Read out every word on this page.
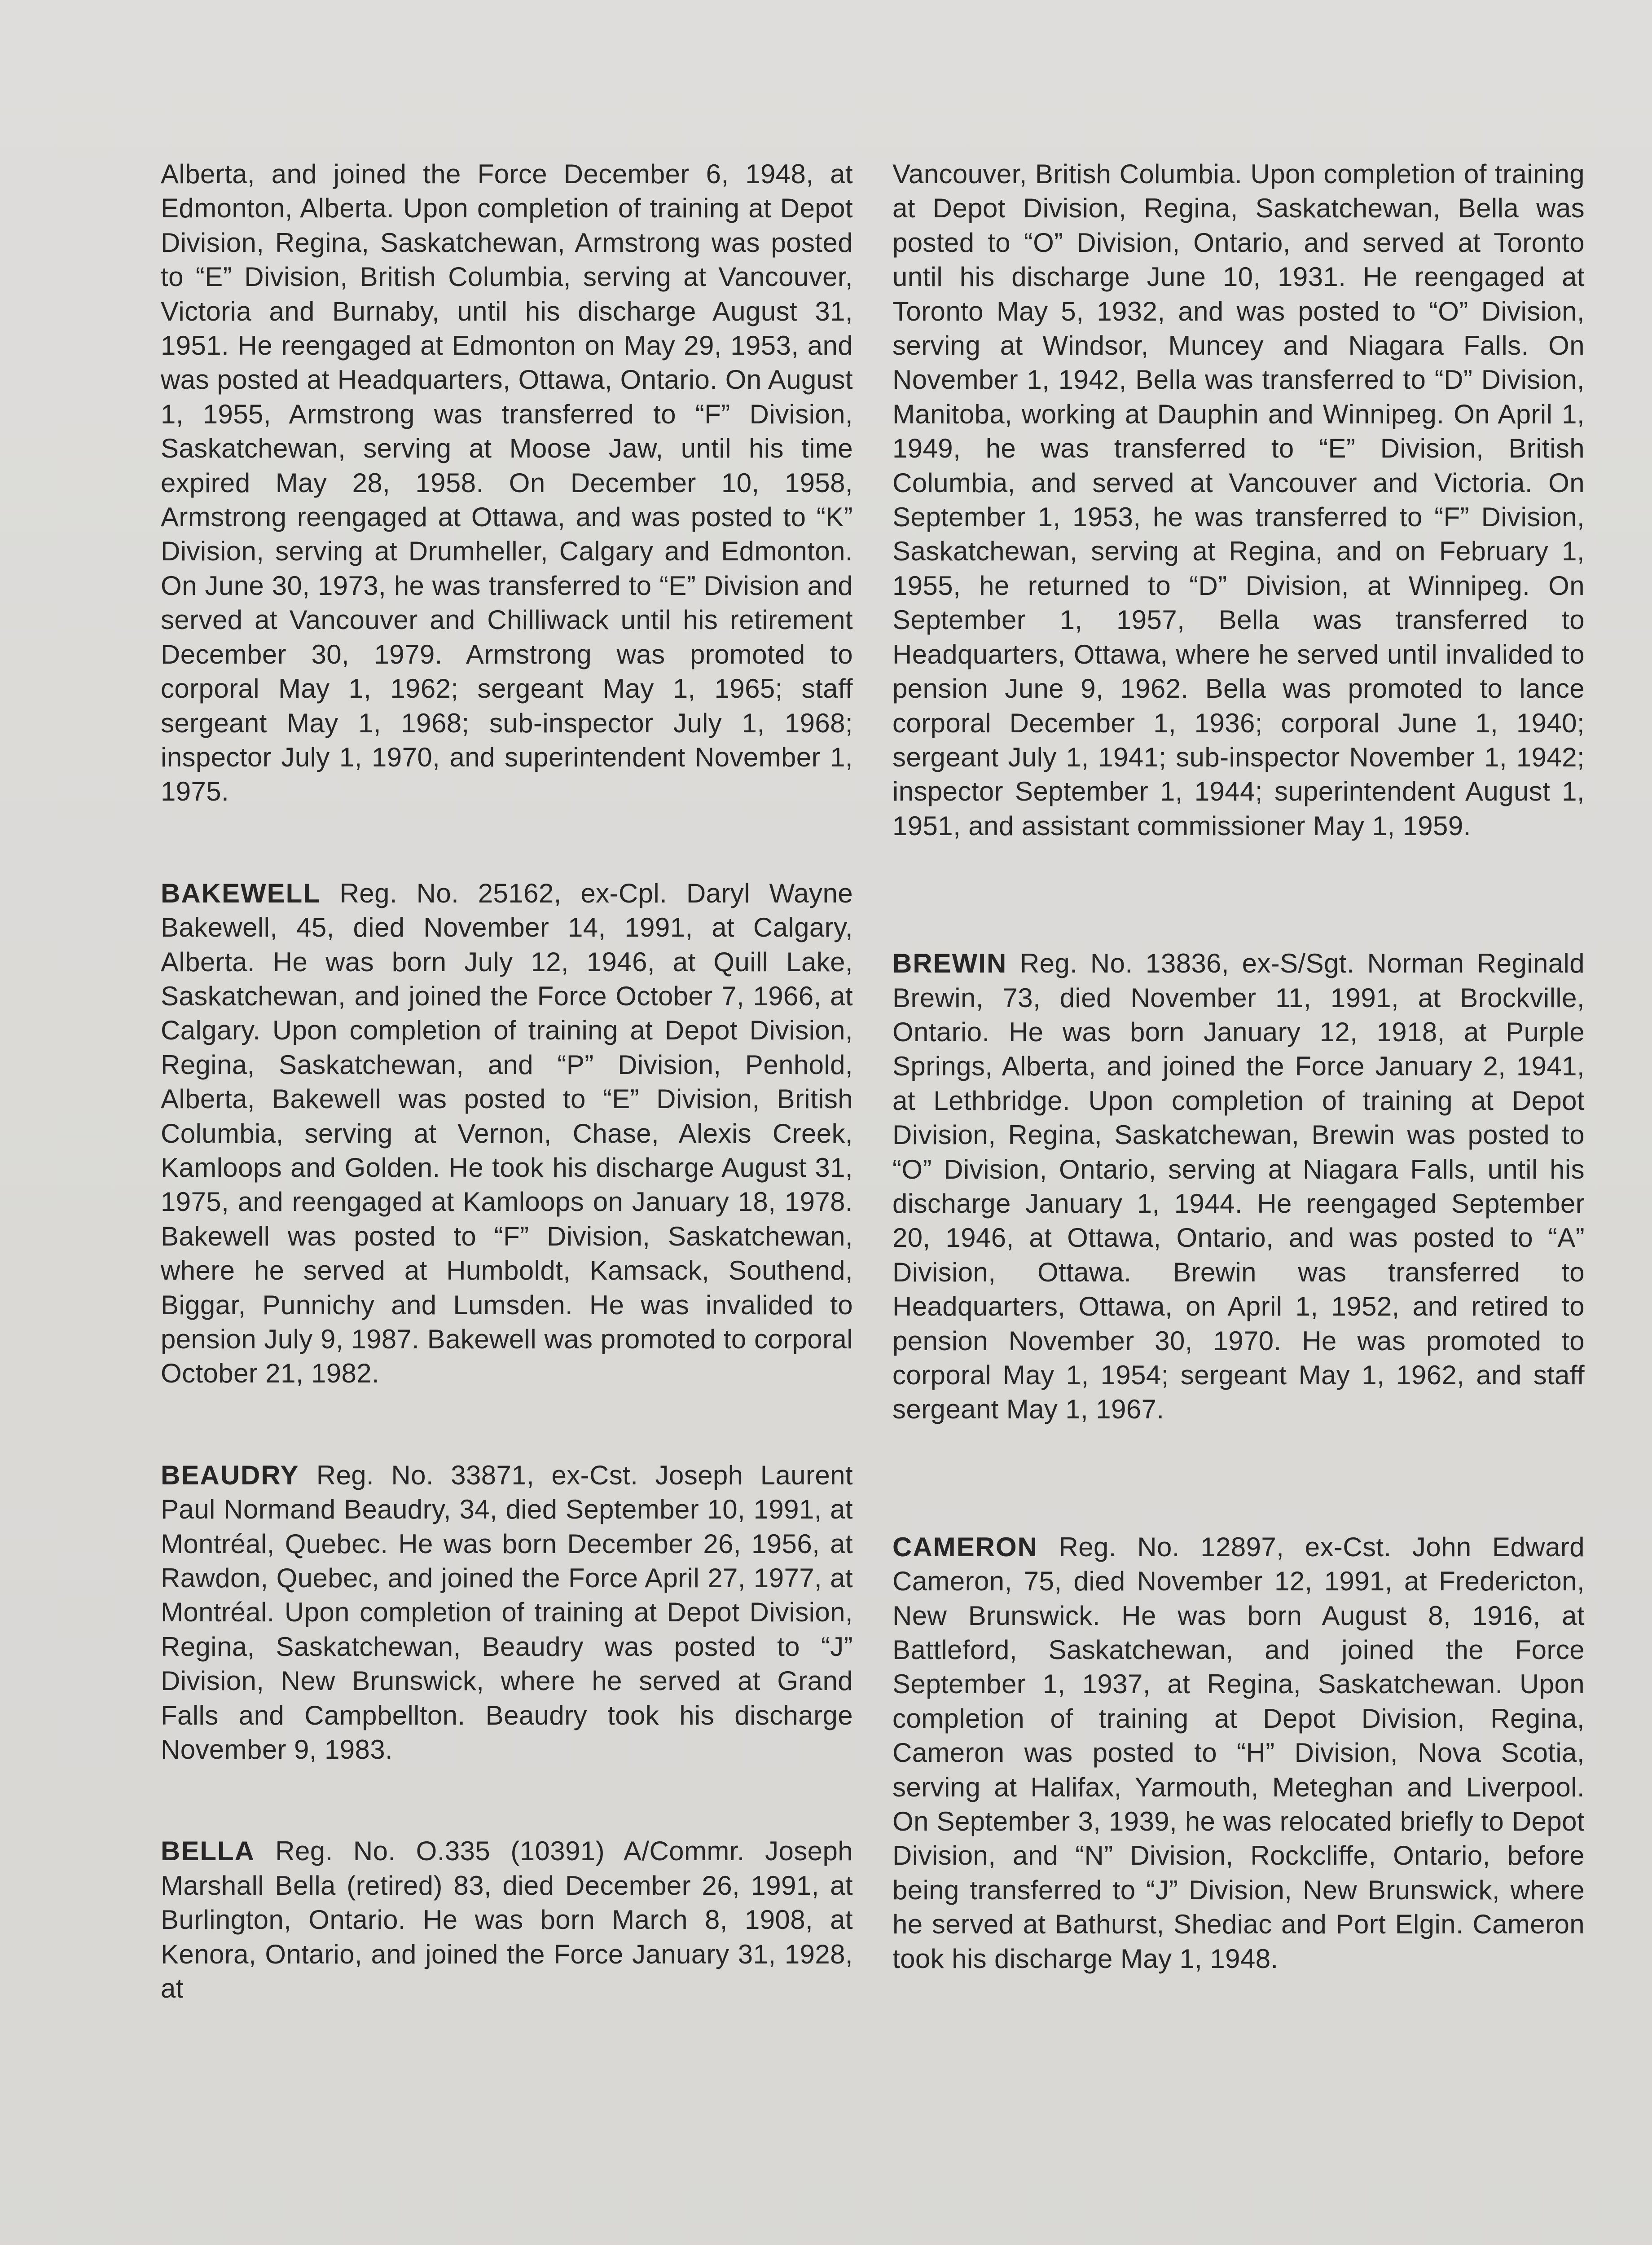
Alberta, and joined the Force December 6, 1948, at Edmonton, Alberta. Upon completion of training at Depot Division, Regina, Saskatchewan, Armstrong was posted to “E” Division, British Columbia, serving at Vancouver, Victoria and Burnaby, until his discharge August 31, 1951. He reengaged at Edmonton on May 29, 1953, and was posted at Headquarters, Ottawa, Ontario. On August 1, 1955, Armstrong was transferred to “F” Division, Saskatchewan, serving at Moose Jaw, until his time expired May 28, 1958. On December 10, 1958, Armstrong reengaged at Ottawa, and was posted to “K” Division, serving at Drumheller, Calgary and Edmonton. On June 30, 1973, he was transferred to “E” Division and served at Vancouver and Chilliwack until his retirement December 30, 1979. Armstrong was promoted to corporal May 1, 1962; sergeant May 1, 1965; staff sergeant May 1, 1968; sub-inspector July 1, 1968; inspector July 1, 1970, and superintendent November 1, 1975.

BAKEWELL Reg. No. 25162, ex-Cpl. Daryl Wayne Bakewell, 45, died November 14, 1991, at Calgary, Alberta. He was born July 12, 1946, at Quill Lake, Saskatchewan, and joined the Force October 7, 1966, at Calgary. Upon completion of training at Depot Division, Regina, Saskatchewan, and “P” Division, Penhold, Alberta, Bakewell was posted to “E” Division, British Columbia, serving at Vernon, Chase, Alexis Creek, Kamloops and Golden. He took his discharge August 31, 1975, and reengaged at Kamloops on January 18, 1978. Bakewell was posted to “F” Division, Saskatchewan, where he served at Humboldt, Kamsack, Southend, Biggar, Punnichy and Lumsden. He was invalided to pension July 9, 1987. Bakewell was promoted to corporal October 21, 1982.

BEAUDRY Reg. No. 33871, ex-Cst. Joseph Laurent Paul Normand Beaudry, 34, died September 10, 1991, at Montréal, Quebec. He was born December 26, 1956, at Rawdon, Quebec, and joined the Force April 27, 1977, at Montréal. Upon completion of training at Depot Division, Regina, Saskatchewan, Beaudry was posted to “J” Division, New Brunswick, where he served at Grand Falls and Campbellton. Beaudry took his discharge November 9, 1983.

BELLA Reg. No. O.335 (10391) A/Commr. Joseph Marshall Bella (retired) 83, died December 26, 1991, at Burlington, Ontario. He was born March 8, 1908, at Kenora, Ontario, and joined the Force January 31, 1928, at

Vancouver, British Columbia. Upon completion of training at Depot Division, Regina, Saskatchewan, Bella was posted to “O” Division, Ontario, and served at Toronto until his discharge June 10, 1931. He reengaged at Toronto May 5, 1932, and was posted to “O” Division, serving at Windsor, Muncey and Niagara Falls. On November 1, 1942, Bella was transferred to “D” Division, Manitoba, working at Dauphin and Winnipeg. On April 1, 1949, he was transferred to “E” Division, British Columbia, and served at Vancouver and Victoria. On September 1, 1953, he was transferred to “F” Division, Saskatchewan, serving at Regina, and on February 1, 1955, he returned to “D” Division, at Winnipeg. On September 1, 1957, Bella was transferred to Headquarters, Ottawa, where he served until invalided to pension June 9, 1962. Bella was promoted to lance corporal December 1, 1936; corporal June 1, 1940; sergeant July 1, 1941; sub-inspector November 1, 1942; inspector September 1, 1944; superintendent August 1, 1951, and assistant commissioner May 1, 1959.

BREWIN Reg. No. 13836, ex-S/Sgt. Norman Reginald Brewin, 73, died November 11, 1991, at Brockville, Ontario. He was born January 12, 1918, at Purple Springs, Alberta, and joined the Force January 2, 1941, at Lethbridge. Upon completion of training at Depot Division, Regina, Saskatchewan, Brewin was posted to “O” Division, Ontario, serving at Niagara Falls, until his discharge January 1, 1944. He reengaged September 20, 1946, at Ottawa, Ontario, and was posted to “A” Division, Ottawa. Brewin was transferred to Headquarters, Ottawa, on April 1, 1952, and retired to pension November 30, 1970. He was promoted to corporal May 1, 1954; sergeant May 1, 1962, and staff sergeant May 1, 1967.

CAMERON Reg. No. 12897, ex-Cst. John Edward Cameron, 75, died November 12, 1991, at Fredericton, New Brunswick. He was born August 8, 1916, at Battleford, Saskatchewan, and joined the Force September 1, 1937, at Regina, Saskatchewan. Upon completion of training at Depot Division, Regina, Cameron was posted to “H” Division, Nova Scotia, serving at Halifax, Yarmouth, Meteghan and Liverpool. On September 3, 1939, he was relocated briefly to Depot Division, and “N” Division, Rockcliffe, Ontario, before being transferred to “J” Division, New Brunswick, where he served at Bathurst, Shediac and Port Elgin. Cameron took his discharge May 1, 1948.
